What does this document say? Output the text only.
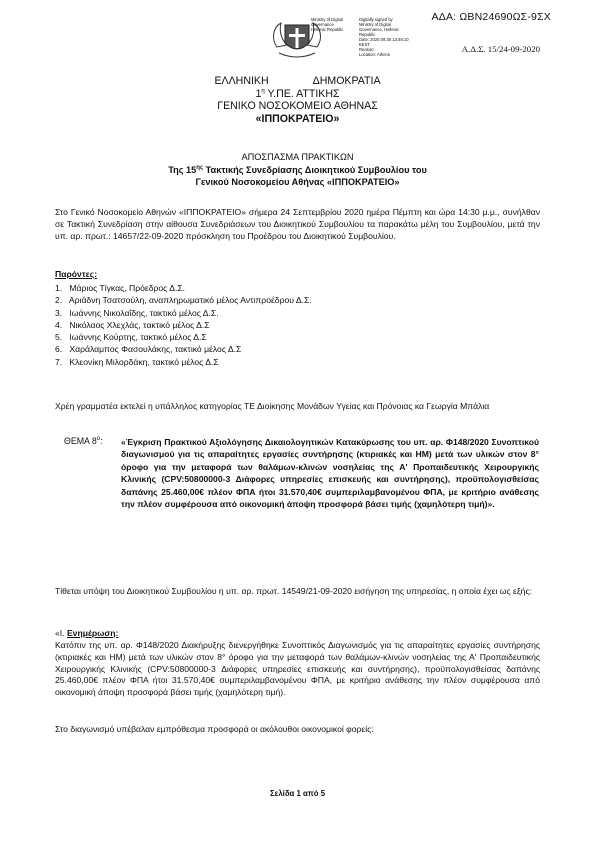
ΑΔΑ: ΩΒΝ24690ΩΣ-9ΣΧ
Α.Δ.Σ. 15/24-09-2020
Ministry of Digital
Governance
Hellenic Republic
Digitally signed by
Ministry of Digital
Governance, Hellenic
Republic
Date: 2020.09.30 13:46:10
EEST
Reason:
Location: Athens
ΕΛΛΗΝΙΚΗ	ΔΗΜΟΚΡΑΤΙΑ
$1^\eta$ Υ.ΠΕ. ΑΤΤΙΚΗΣ
ΓΕΝΙΚΟ ΝΟΣΟΚΟΜΕΙΟ ΑΘΗΝΑΣ
«ΙΠΠΟΚΡΑΤΕΙΟ»
ΑΠΟΣΠΑΣΜΑ ΠΡΑΚΤΙΚΩΝ
Της $15^{\eta\varsigma}$ Τακτικής Συνεδρίασης Διοικητικού Συμβουλίου του
Γενικού Νοσοκομείου Αθήνας «ΙΠΠΟΚΡΑΤΕΙΟ»

Στο Γενικό Νοσοκομείο Αθηνών «ΙΠΠΟΚΡΑΤΕΙΟ» σήμερα 24 Σεπτεμβρίου 2020 ημέρα Πέμπτη και ώρα 14:30 μ.μ., συνήλθαν σε Τακτική Συνεδρίαση στην αίθουσα Συνεδριάσεων του Διοικητικού Συμβουλίου τα παρακάτω μέλη του Συμβουλίου, μετά την υπ. αρ. πρωτ.: 14657/22-09-2020 πρόσκληση του Προέδρου του Διοικητικού Συμβουλίου.

Παρόντες:
1. Μάριος Τίγκας, Πρόεδρος Δ.Σ.
2. Αριάδνη Τσατσούλη, αναπληρωματικό μέλος Αντιπροέδρου Δ.Σ.
3. Ιωάννης Νικολαΐδης, τακτικό μέλος Δ.Σ.
4. Νικόλαος Χλεχλάς, τακτικό μέλος Δ.Σ
5. Ιωάννης Κούρτης, τακτικό μέλος Δ.Σ
6. Χαράλαμπος Φασουλάκης, τακτικό μέλος Δ.Σ
7. Κλεονίκη Μιλορδάκη, τακτικό μέλος Δ.Σ

Χρέη γραμματέα εκτελεί η υπάλληλος κατηγορίας ΤΕ Διοίκησης Μονάδων Υγείας και Πρόνοιας κα Γεωργία Μπάλια

ΘΕΜΑ $8^o$: «Έγκριση Πρακτικού Αξιολόγησης Δικαιολογητικών Κατακύρωσης του υπ. αρ. Φ148/2020 Συνοπτικού διαγωνισμού για τις απαραίτητες εργασίες συντήρησης (κτιριακές και ΗΜ) μετά των υλικών στον 8° όροφο για την μεταφορά των θαλάμων-κλινών νοσηλείας της Α' Προπαιδευτικής Χειρουργικής Κλινικής (CPV:50800000-3 Διάφορες υπηρεσίες επισκευής και συντήρησης), προϋπολογισθείσας δαπάνης 25.460,00€ πλέον ΦΠΑ ήτοι 31.570,40€ συμπεριλαμβανομένου ΦΠΑ, με κριτήριο ανάθεσης την πλέον συμφέρουσα από οικονομική άποψη προσφορά βάσει τιμής (χαμηλότερη τιμή)».

Τίθεται υπόψη του Διοικητικού Συμβουλίου η υπ. αρ. πρωτ. 14549/21-09-2020 εισήγηση της υπηρεσίας, η οποία έχει ως εξής:

«Ι. Ενημέρωση:

Κατόπιν της υπ. αρ. Φ148/2020 Διακήρυξης διενεργήθηκε Συνοπτικός Διαγωνισμός για τις απαραίτητες εργασίες συντήρησης (κτιριακές και ΗΜ) μετά των υλικών στον 8° όροφο για την μεταφορά των θαλάμων-κλινών νοσηλείας της Α' Προπαιδευτικής Χειρουργικής Κλινικής (CPV:50800000-3 Διάφορες υπηρεσίες επισκευής και συντήρησης), προϋπολογισθείσας δαπάνης 25.460,00€ πλέον ΦΠΑ ήτοι 31.570,40€ συμπεριλαμβανομένου ΦΠΑ, με κριτήριο ανάθεσης την πλέον συμφέρουσα από οικονομική άποψη προσφορά βάσει τιμής (χαμηλότερη τιμή).

Στο διαγωνισμό υπέβαλαν εμπρόθεσμα προσφορά οι ακόλουθοι οικονομικοί φορείς:

Σελίδα 1 από 5
